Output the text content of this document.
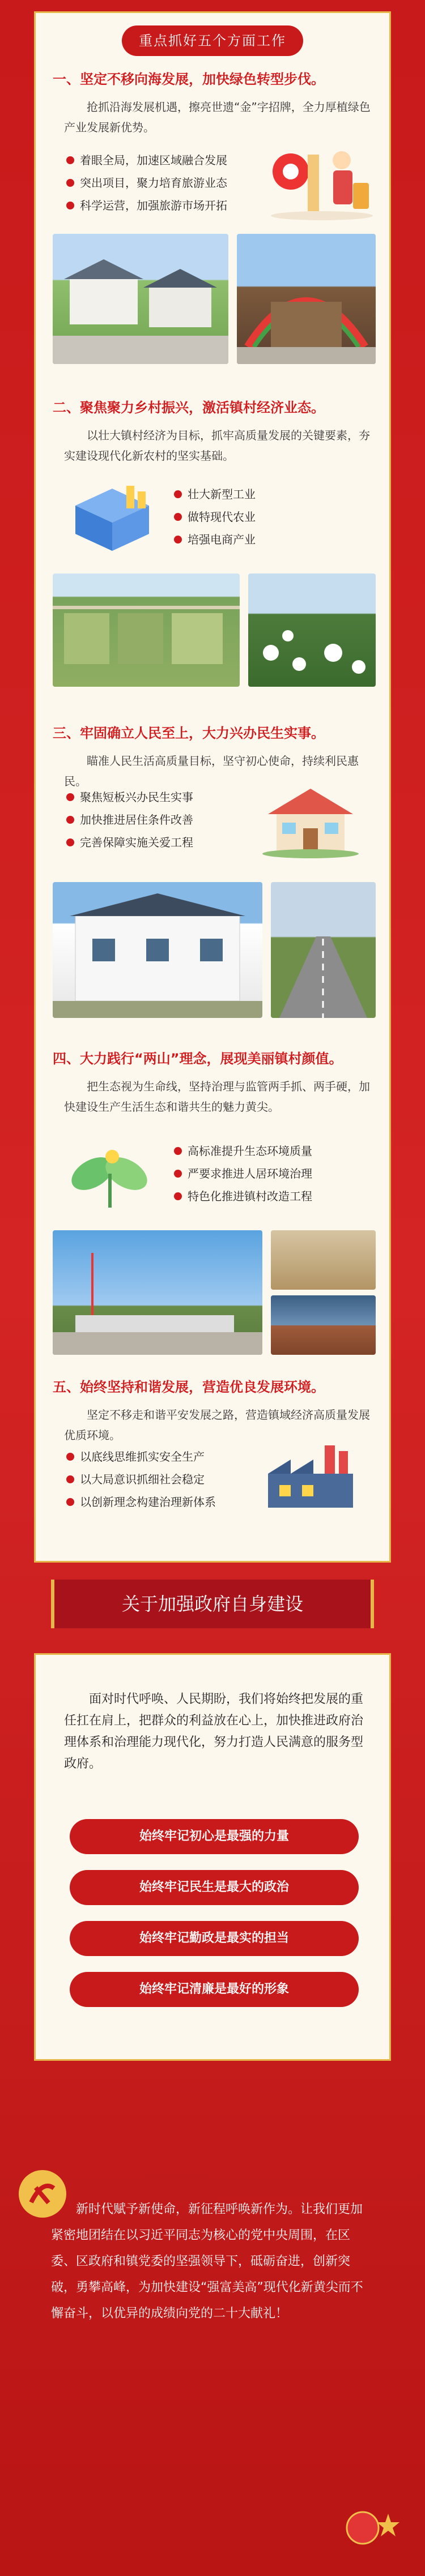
重点抓好五个方面工作
一、坚定不移向海发展，加快绿色转型步伐。
抢抓沿海发展机遇，擦亮世遗“金”字招牌，全力厚植绿色产业发展新优势。
着眼全局，加速区域融合发展
突出项目，聚力培育旅游业态
科学运营，加强旅游市场开拓
二、聚焦聚力乡村振兴，激活镇村经济业态。
以壮大镇村经济为目标，抓牢高质量发展的关键要素，夯实建设现代化新农村的坚实基础。
壮大新型工业
做特现代农业
培强电商产业
三、牢固确立人民至上，大力兴办民生实事。
瞄准人民生活高质量目标，坚守初心使命，持续利民惠民。
聚焦短板兴办民生实事
加快推进居住条件改善
完善保障实施关爱工程
四、大力践行“两山”理念，展现美丽镇村颜值。
把生态视为生命线，坚持治理与监管两手抓、两手硬，加快建设生产生活生态和谐共生的魅力黄尖。
高标准提升生态环境质量
严要求推进人居环境治理
特色化推进镇村改造工程
五、始终坚持和谐发展，营造优良发展环境。
坚定不移走和谐平安发展之路，营造镇域经济高质量发展优质环境。
以底线思维抓实安全生产
以大局意识抓细社会稳定
以创新理念构建治理新体系
关于加强政府自身建设
面对时代呼唤、人民期盼，我们将始终把发展的重任扛在肩上，把群众的利益放在心上，加快推进政府治理体系和治理能力现代化，努力打造人民满意的服务型政府。
始终牢记初心是最强的力量
始终牢记民生是最大的政治
始终牢记勤政是最实的担当
始终牢记清廉是最好的形象
新时代赋予新使命，新征程呼唤新作为。让我们更加紧密地团结在以习近平同志为核心的党中央周围，在区委、区政府和镇党委的坚强领导下，砥砺奋进，创新突破，勇攀高峰，为加快建设“强富美高”现代化新黄尖而不懈奋斗，以优异的成绩向党的二十大献礼！
